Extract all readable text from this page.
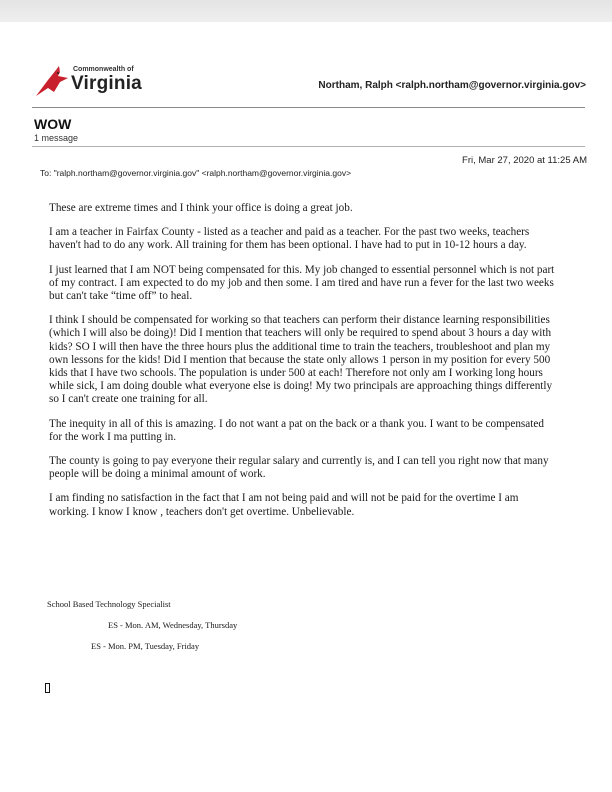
Commonwealth of
Virginia	Northam, Ralph <ralph.northam@governor.virginia.gov>
WOW
1 message
Fri, Mar 27, 2020 at 11:25 AM
To: "ralph.northam@governor.virginia.gov" <ralph.northam@governor.virginia.gov>

These are extreme times and I think your office is doing a great job.

I am a teacher in Fairfax County - listed as a teacher and paid as a teacher. For the past two weeks, teachers haven't had to do any work. All training for them has been optional. I have had to put in 10-12 hours a day.

I just learned that I am NOT being compensated for this. My job changed to essential personnel which is not part of my contract. I am expected to do my job and then some. I am tired and have run a fever for the last two weeks but can't take “time off” to heal.

I think I should be compensated for working so that teachers can perform their distance learning responsibilities (which I will also be doing)! Did I mention that teachers will only be required to spend about 3 hours a day with kids? SO I will then have the three hours plus the additional time to train the teachers, troubleshoot and plan my own lessons for the kids! Did I mention that because the state only allows 1 person in my position for every 500 kids that I have two schools. The population is under 500 at each! Therefore not only am I working long hours while sick, I am doing double what everyone else is doing! My two principals are approaching things differently so I can't create one training for all.

The inequity in all of this is amazing. I do not want a pat on the back or a thank you. I want to be compensated for the work I ma putting in.

The county is going to pay everyone their regular salary and currently is, and I can tell you right now that many people will be doing a minimal amount of work.

I am finding no satisfaction in the fact that I am not being paid and will not be paid for the overtime I am working. I know I know , teachers don't get overtime. Unbelievable.

School Based Technology Specialist
ES - Mon. AM, Wednesday, Thursday
ES - Mon. PM, Tuesday, Friday
